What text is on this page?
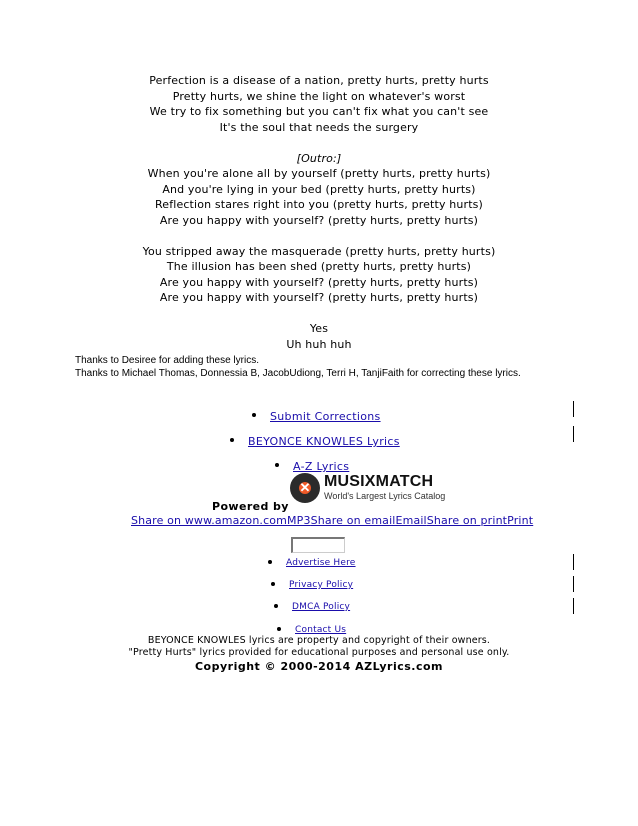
Perfection is a disease of a nation, pretty hurts, pretty hurts
Pretty hurts, we shine the light on whatever's worst
We try to fix something but you can't fix what you can't see
It's the soul that needs the surgery
[Outro:]
When you're alone all by yourself (pretty hurts, pretty hurts)
And you're lying in your bed (pretty hurts, pretty hurts)
Reflection stares right into you (pretty hurts, pretty hurts)
Are you happy with yourself? (pretty hurts, pretty hurts)
You stripped away the masquerade (pretty hurts, pretty hurts)
The illusion has been shed (pretty hurts, pretty hurts)
Are you happy with yourself? (pretty hurts, pretty hurts)
Are you happy with yourself? (pretty hurts, pretty hurts)
Yes
Uh huh huh
Thanks to Desiree for adding these lyrics.
Thanks to Michael Thomas, Donnessia B, JacobUdiong, Terri H, TanjiFaith for correcting these lyrics.
Submit Corrections
BEYONCE KNOWLES Lyrics
A-Z Lyrics
✕ MUSIXMATCH
World's Largest Lyrics Catalog
Powered by
Share on www.amazon.comMP3Share on emailEmailShare on printPrint
Advertise Here
Privacy Policy
DMCA Policy
Contact Us
BEYONCE KNOWLES lyrics are property and copyright of their owners.
"Pretty Hurts" lyrics provided for educational purposes and personal use only.
Copyright © 2000-2014 AZLyrics.com
